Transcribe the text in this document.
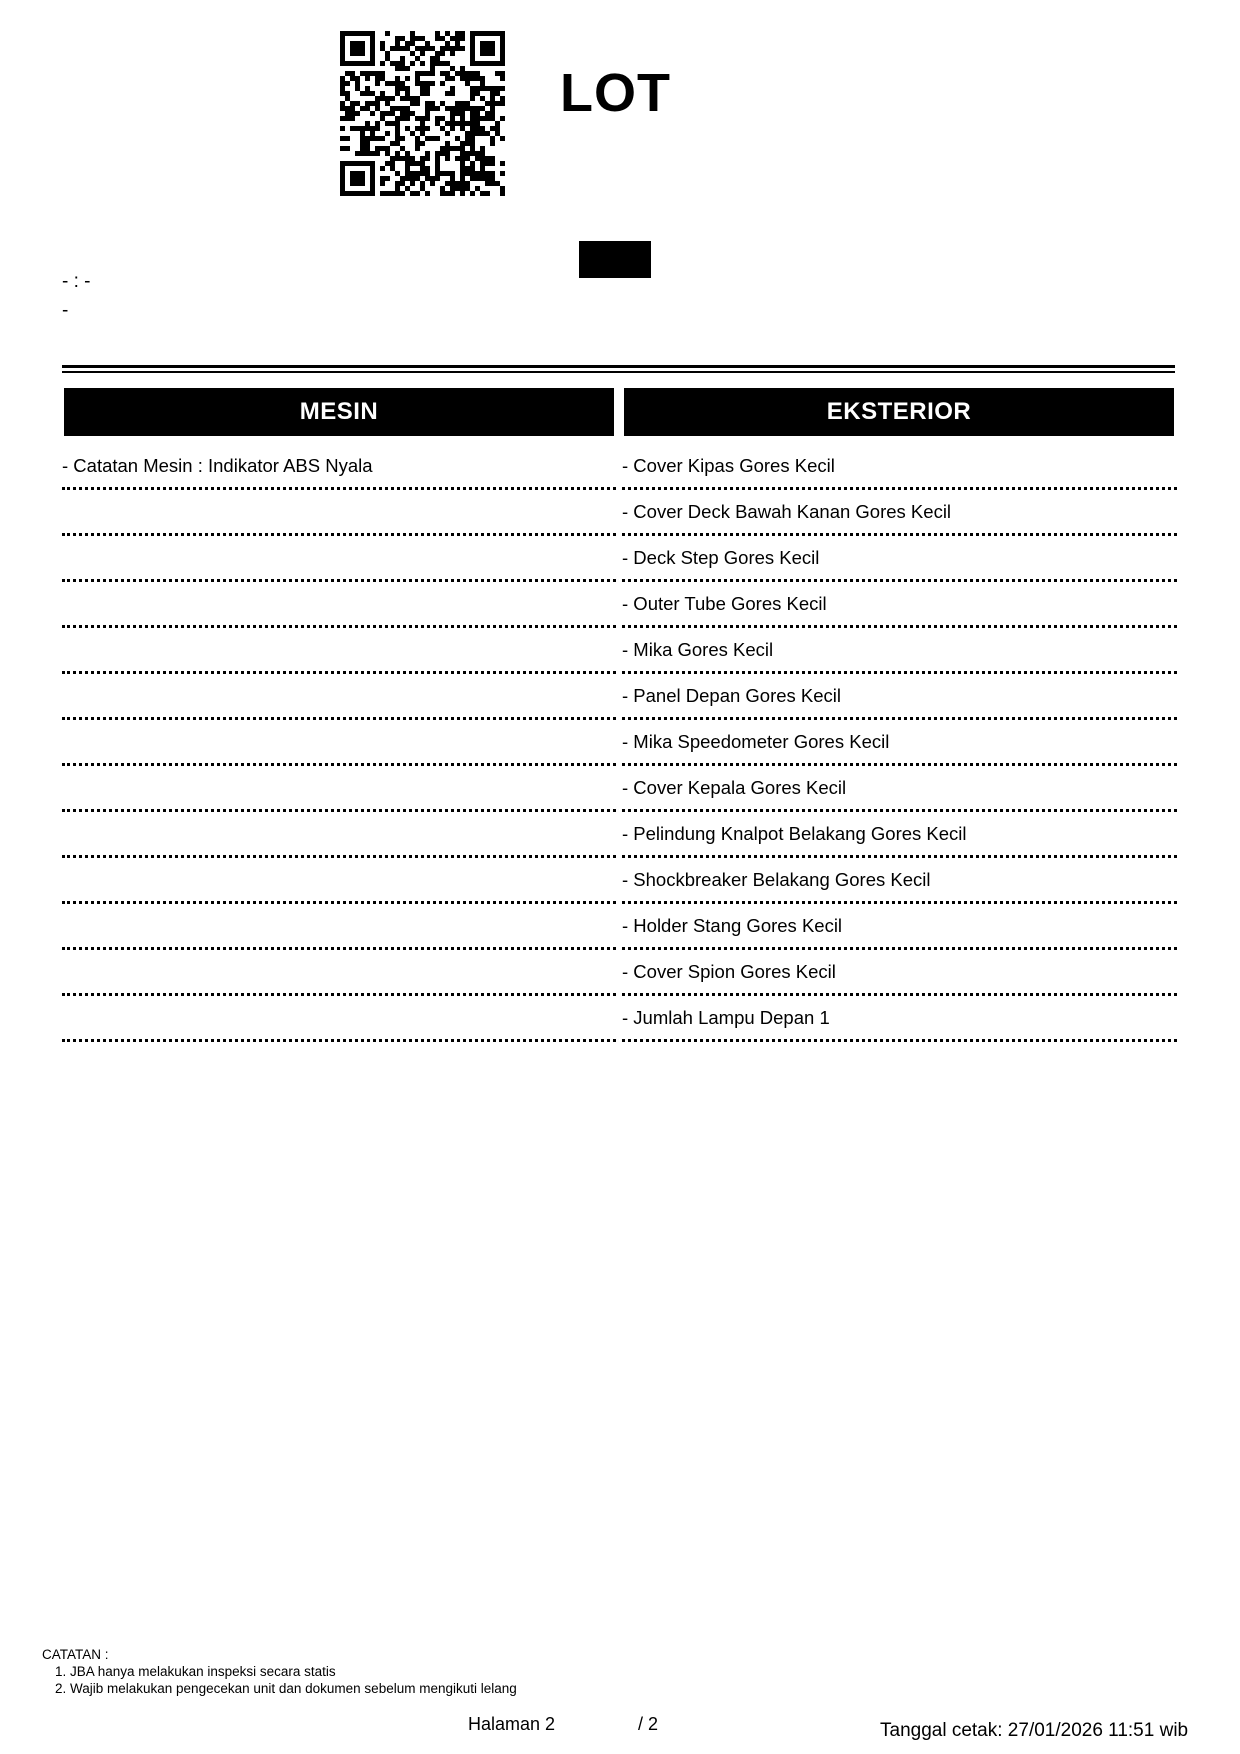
LOT
- : -
-
MESIN
- Catatan Mesin : Indikator ABS Nyala
EKSTERIOR
- Cover Kipas Gores Kecil
- Cover Deck Bawah Kanan Gores Kecil
- Deck Step Gores Kecil
- Outer Tube Gores Kecil
- Mika Gores Kecil
- Panel Depan Gores Kecil
- Mika Speedometer Gores Kecil
- Cover Kepala Gores Kecil
- Pelindung Knalpot Belakang Gores Kecil
- Shockbreaker Belakang Gores Kecil
- Holder Stang Gores Kecil
- Cover Spion Gores Kecil
- Jumlah Lampu Depan 1
CATATAN :
1. JBA hanya melakukan inspeksi secara statis
2. Wajib melakukan pengecekan unit dan dokumen sebelum mengikuti lelang
Halaman 2	/ 2	Tanggal cetak: 27/01/2026 11:51 wib
